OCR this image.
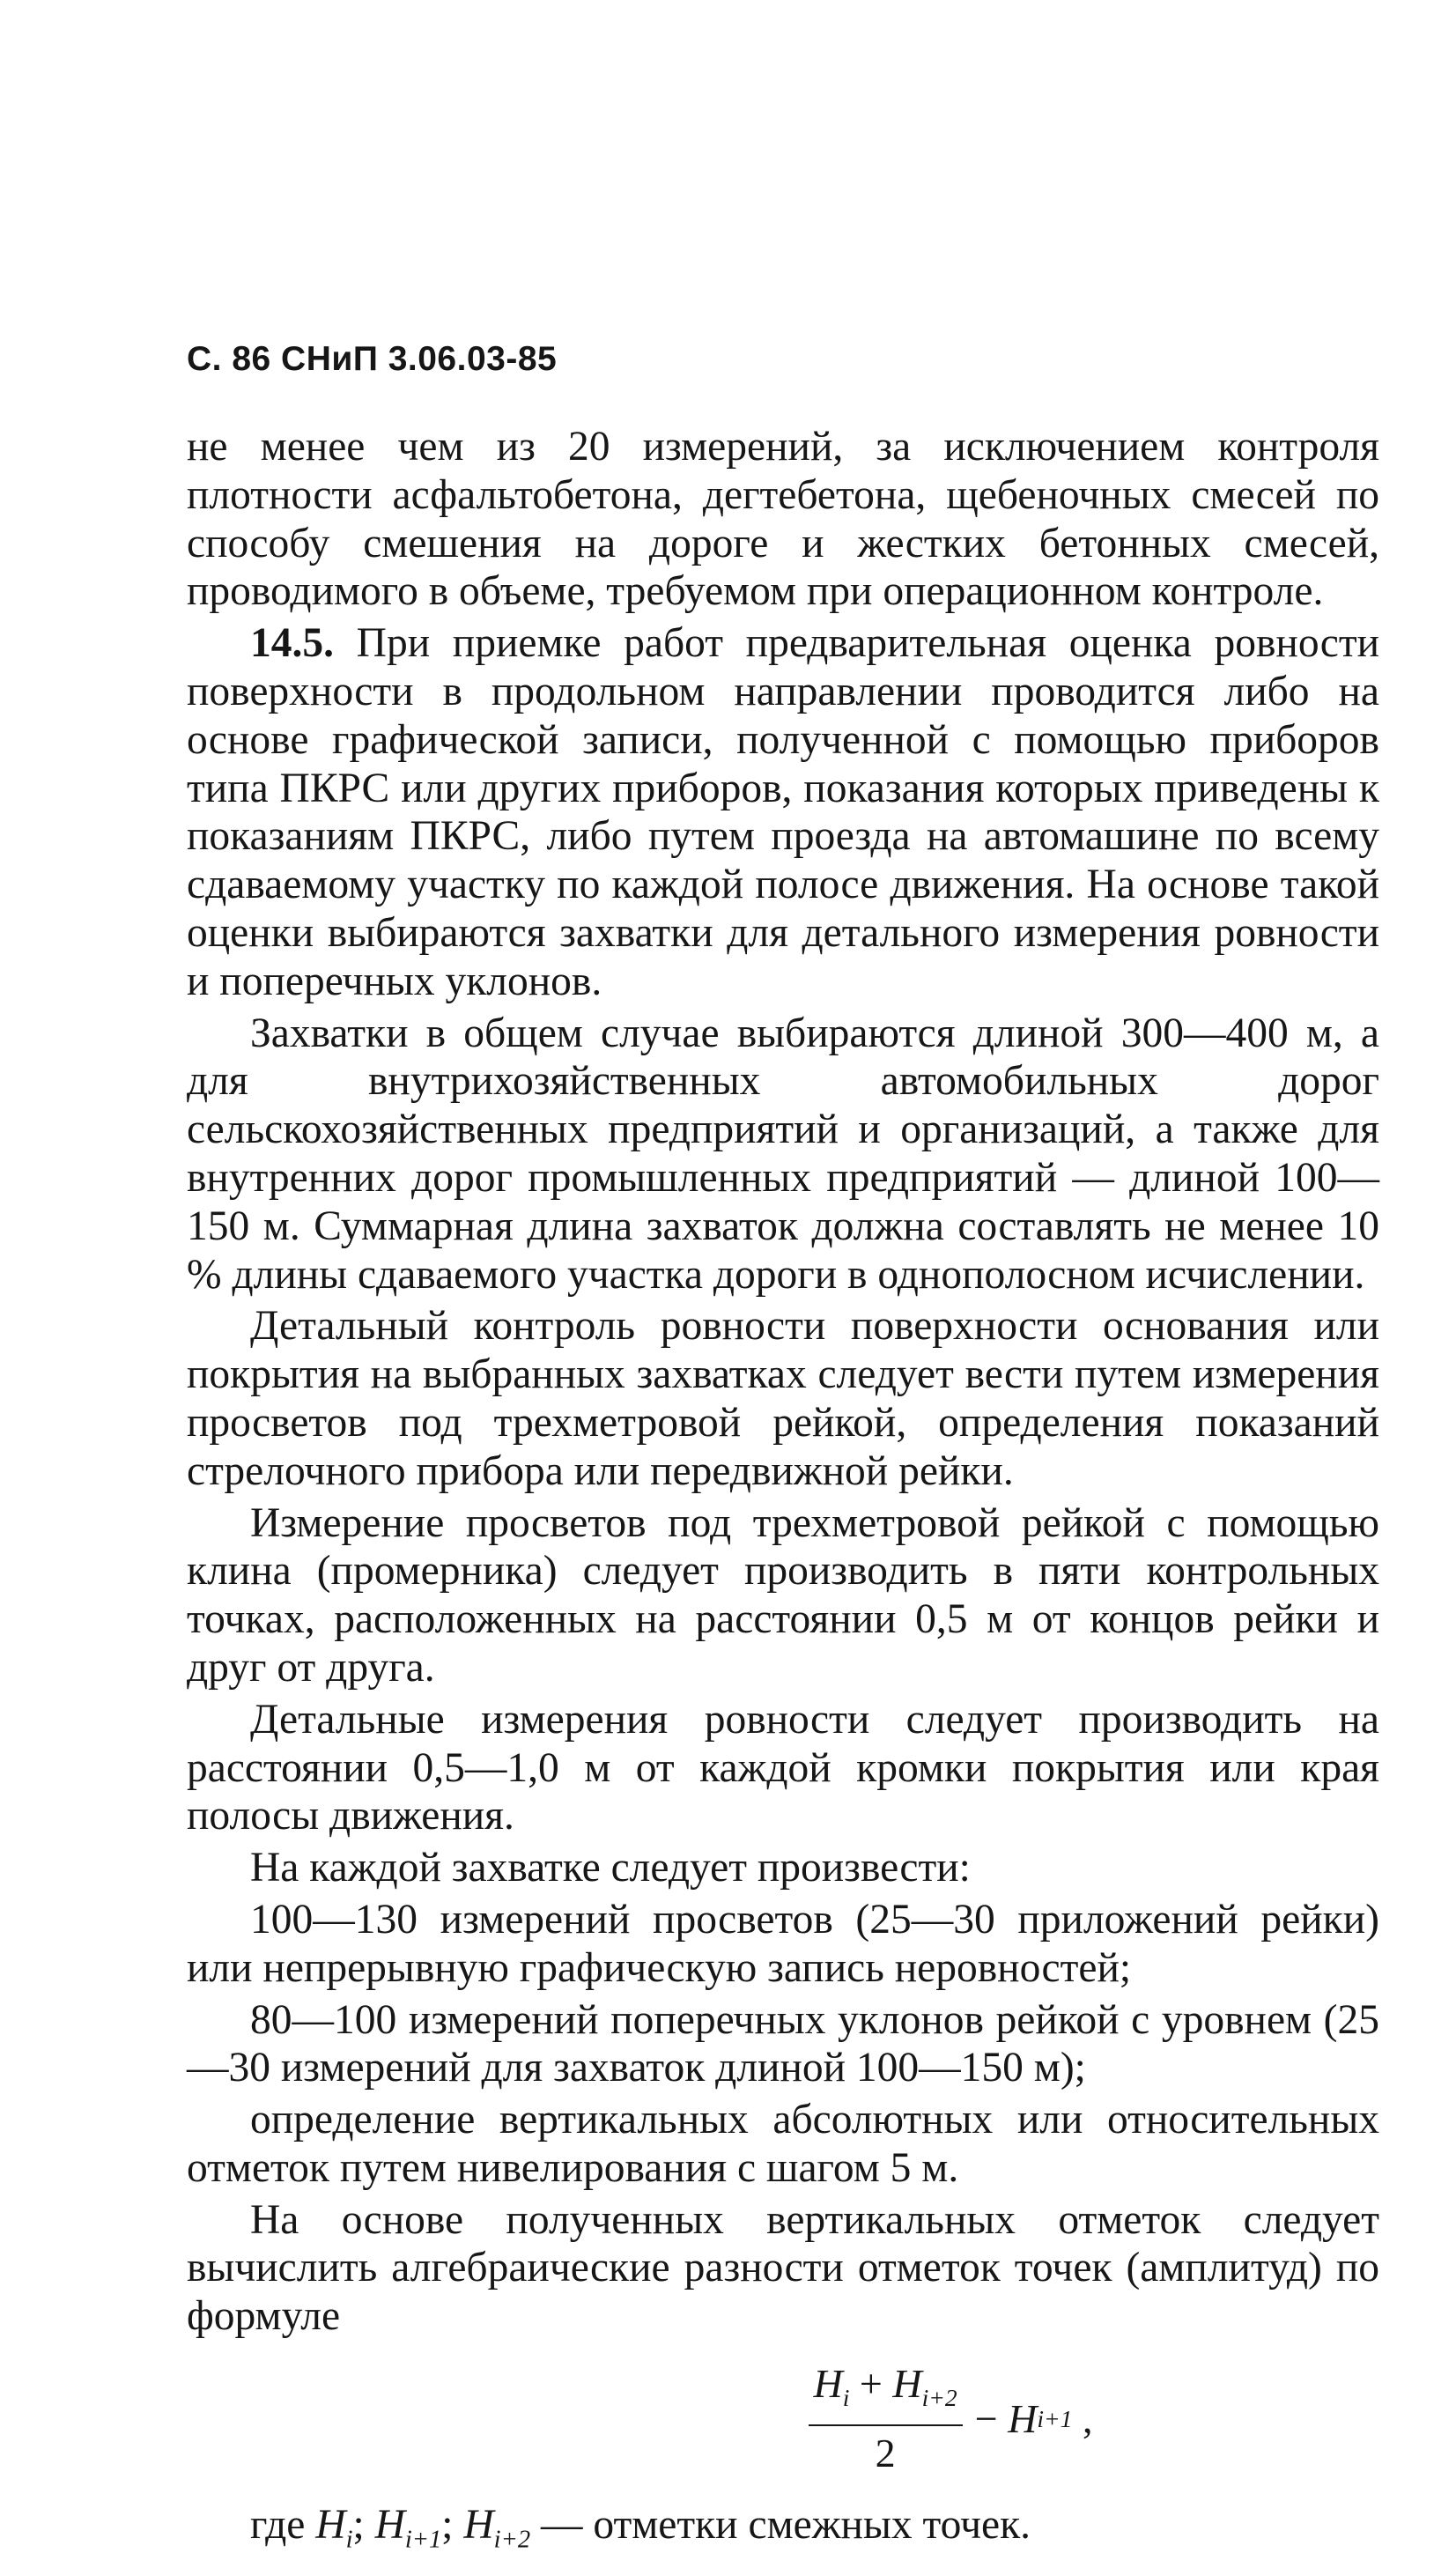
С. 86 СНиП 3.06.03-85

не менее чем из 20 измерений, за исключением контроля плотности асфальтобетона, дегтебетона, щебеночных смесей по способу смешения на дороге и жестких бетонных смесей, проводимого в объеме, требуемом при операционном контроле.

14.5. При приемке работ предварительная оценка ровности поверхности в продольном направлении проводится либо на основе графической записи, полученной с помощью приборов типа ПКРС или других приборов, показания которых приведены к показаниям ПКРС, либо путем проезда на автомашине по всему сдаваемому участку по каждой полосе движения. На основе такой оценки выбираются захватки для детального измерения ровности и поперечных уклонов.

Захватки в общем случае выбираются длиной 300—400 м, а для внутрихозяйственных автомобильных дорог сельскохозяйственных предприятий и организаций, а также для внутренних дорог промышленных предприятий — длиной 100—150 м. Суммарная длина захваток должна составлять не менее 10 % длины сдаваемого участка дороги в однополосном исчислении.

Детальный контроль ровности поверхности основания или покрытия на выбранных захватках следует вести путем измерения просветов под трехметровой рейкой, определения показаний стрелочного прибора или передвижной рейки.

Измерение просветов под трехметровой рейкой с помощью клина (промерника) следует производить в пяти контрольных точках, расположенных на расстоянии 0,5 м от концов рейки и друг от друга.

Детальные измерения ровности следует производить на расстоянии 0,5—1,0 м от каждой кромки покрытия или края полосы движения.

На каждой захватке следует произвести:

100—130 измерений просветов (25—30 приложений рейки) или непрерывную графическую запись неровностей;

80—100 измерений поперечных уклонов рейкой с уровнем (25—30 измерений для захваток длиной 100—150 м);

определение вертикальных абсолютных или относительных отметок путем нивелирования с шагом 5 м.

На основе полученных вертикальных отметок следует вычислить алгебраические разности отметок точек (амплитуд) по формуле

$\frac{H_i + H_{i+2}}{2}$ −
H i+1
,

где $H_i$; $H_{i+1}$; $H_{i+2}$ — отметки смежных точек.
